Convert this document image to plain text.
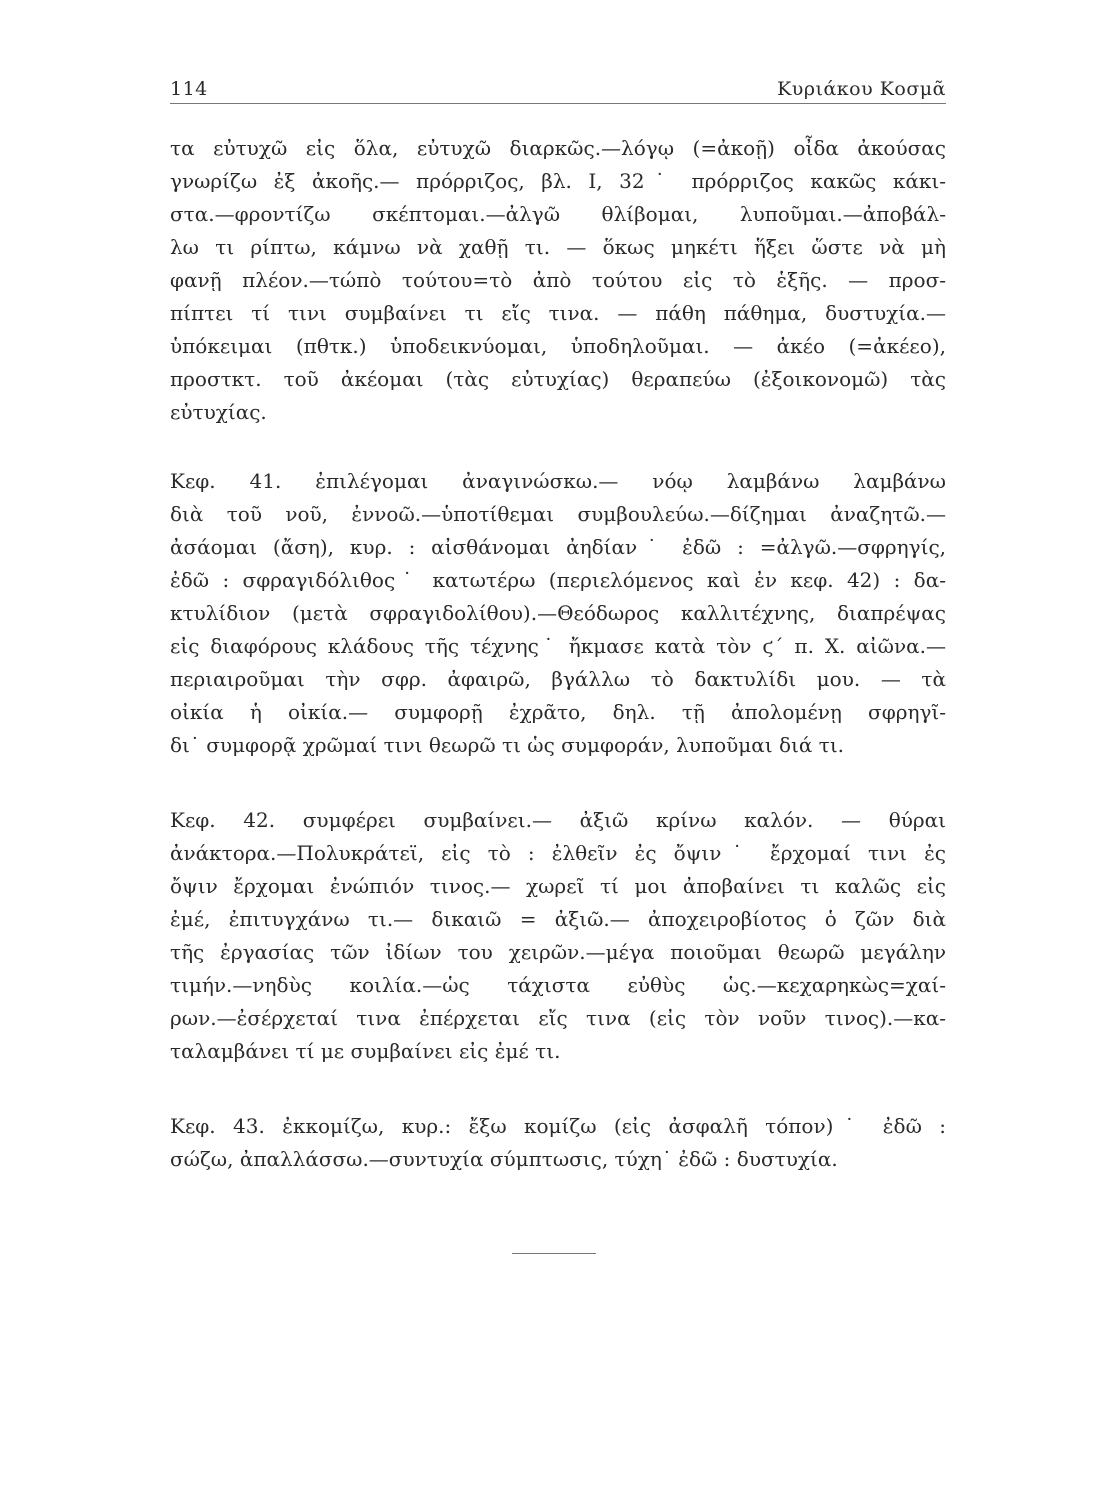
114	Κυριάκου Κοσμᾶ
τα εὐτυχῶ εἰς ὅλα, εὐτυχῶ διαρκῶς.—λόγῳ (=ἀκοῇ) οἶδα ἀκούσας
γνωρίζω ἐξ ἀκοῆς.— πρόρριζος, βλ. Ι, 32˙ πρόρριζος κακῶς κάκι-
στα.—φροντίζω σκέπτομαι.—ἀλγῶ θλίβομαι, λυποῦμαι.—ἀποβάλ-
λω τι ρίπτω, κάμνω νὰ χαθῇ τι. — ὅκως μηκέτι ἥξει ὥστε νὰ μὴ
φανῇ πλέον.—τώπὸ τούτου=τὸ ἀπὸ τούτου εἰς τὸ ἑξῆς. — προσ-
πίπτει τί τινι συμβαίνει τι εἴς τινα. — πάθη πάθημα, δυστυχία.—
ὑπόκειμαι (πθτκ.) ὑποδεικνύομαι, ὑποδηλοῦμαι. — ἀκέο (=ἀκέεο),
προστκτ. τοῦ ἀκέομαι (τὰς εὐτυχίας) θεραπεύω (ἐξοικονομῶ) τὰς
εὐτυχίας.
Κεφ. 41. ἐπιλέγομαι ἀναγινώσκω.— νόῳ λαμβάνω λαμβάνω
διὰ τοῦ νοῦ, ἐννοῶ.—ὑποτίθεμαι συμβουλεύω.—δίζημαι ἀναζητῶ.—
ἀσάομαι (ἄση), κυρ. : αἰσθάνομαι ἀηδίαν˙ ἐδῶ : =ἀλγῶ.—σφρηγίς,
ἐδῶ : σφραγιδόλιθος˙ κατωτέρω (περιελόμενος καὶ ἐν κεφ. 42) : δα-
κτυλίδιον (μετὰ σφραγιδολίθου).—Θεόδωρος καλλιτέχνης, διαπρέψας
εἰς διαφόρους κλάδους τῆς τέχνης˙ ἤκμασε κατὰ τὸν ϛ΄ π. Χ. αἰῶνα.—
περιαιροῦμαι τὴν σφρ. ἀφαιρῶ, βγάλλω τὸ δακτυλίδι μου. — τὰ
οἰκία ἡ οἰκία.— συμφορῇ ἐχρᾶτο, δηλ. τῇ ἀπολομένῃ σφρηγῖ-
δι˙ συμφορᾷ χρῶμαί τινι θεωρῶ τι ὡς συμφοράν, λυποῦμαι διά τι.
Κεφ. 42. συμφέρει συμβαίνει.— ἀξιῶ κρίνω καλόν. — θύραι
ἀνάκτορα.—Πολυκράτεϊ, εἰς τὸ : ἐλθεῖν ἐς ὄψιν˙ ἔρχομαί τινι ἐς
ὄψιν ἔρχομαι ἐνώπιόν τινος.— χωρεῖ τί μοι ἀποβαίνει τι καλῶς εἰς
ἐμέ, ἐπιτυγχάνω τι.— δικαιῶ = ἀξιῶ.— ἀποχειροβίοτος ὁ ζῶν διὰ
τῆς ἐργασίας τῶν ἰδίων του χειρῶν.—μέγα ποιοῦμαι θεωρῶ μεγάλην
τιμήν.—νηδὺς κοιλία.—ὡς τάχιστα εὐθὺς ὡς.—κεχαρηκὼς=χαί-
ρων.—ἐσέρχεταί τινα ἐπέρχεται εἴς τινα (εἰς τὸν νοῦν τινος).—κα-
ταλαμβάνει τί με συμβαίνει εἰς ἐμέ τι.
Κεφ. 43. ἐκκομίζω, κυρ.: ἔξω κομίζω (εἰς ἀσφαλῆ τόπον)˙ ἐδῶ :
σώζω, ἀπαλλάσσω.—συντυχία σύμπτωσις, τύχη˙ ἐδῶ : δυστυχία.
